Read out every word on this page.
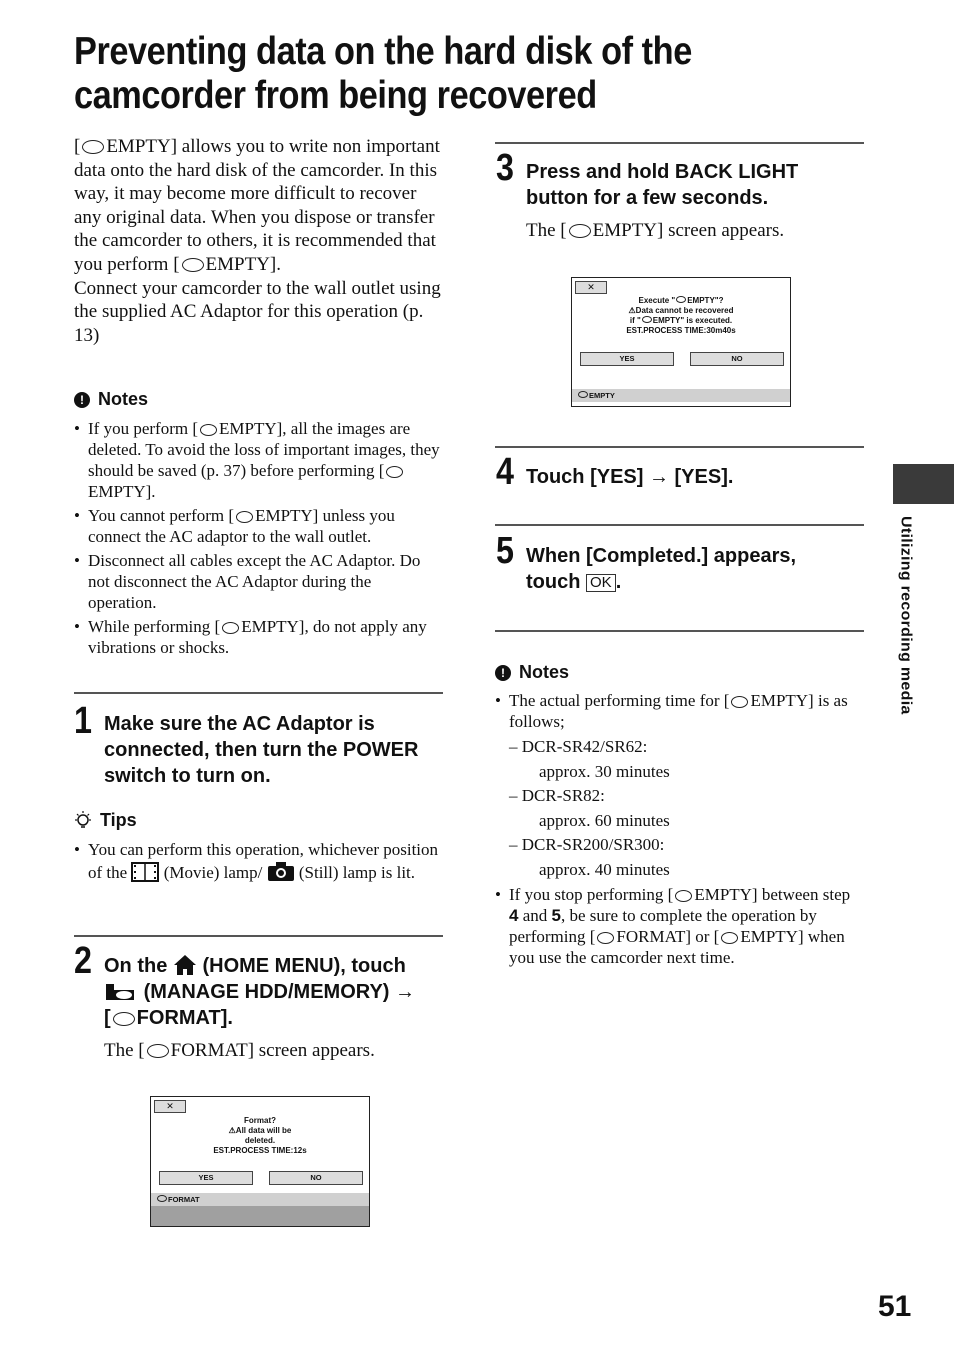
Preventing data on the hard disk of the
camcorder from being recovered
[ EMPTY] allows you to write non important data onto the hard disk of the camcorder. In this way, it may become more difficult to recover any original data. When you dispose or transfer the camcorder to others, it is recommended that you perform [ EMPTY].
Connect your camcorder to the wall outlet using the supplied AC Adaptor for this operation (p. 13)
! Notes
• If you perform [ EMPTY], all the images are deleted. To avoid the loss of important images, they should be saved (p. 37) before performing [EMPTY].
• You cannot perform [ EMPTY] unless you connect the AC adaptor to the wall outlet.
• Disconnect all cables except the AC Adaptor. Do not disconnect the AC Adaptor during the operation.
• While performing [ EMPTY], do not apply any vibrations or shocks.
1 Make sure the AC Adaptor is connected, then turn the POWER switch to turn on.
Tips
• You can perform this operation, whichever position of the (Movie) lamp/ (Still) lamp is lit.
2 On the (HOME MENU), touch
(MANAGE HDD/MEMORY) →
[ FORMAT].
The [ FORMAT] screen appears.
✕
Format?
⚠All data will be
deleted.
EST.PROCESS TIME:12s
YES	NO
FORMAT
3 Press and hold BACK LIGHT button for a few seconds.
The [ EMPTY] screen appears.
✕
Execute " EMPTY"?
⚠Data cannot be recovered
if " EMPTY" is executed.
EST.PROCESS TIME:30m40s
YES	NO
EMPTY
4 Touch [YES] → [YES].
5 When [Completed.] appears, touch OK .
! Notes
• The actual performing time for [ EMPTY] is as follows;
– DCR-SR42/SR62:
approx. 30 minutes
– DCR-SR82:
approx. 60 minutes
– DCR-SR200/SR300:
approx. 40 minutes
• If you stop performing [ EMPTY] between step 4 and 5, be sure to complete the operation by performing [ FORMAT] or [ EMPTY] when you use the camcorder next time.
Utilizing recording media
51
